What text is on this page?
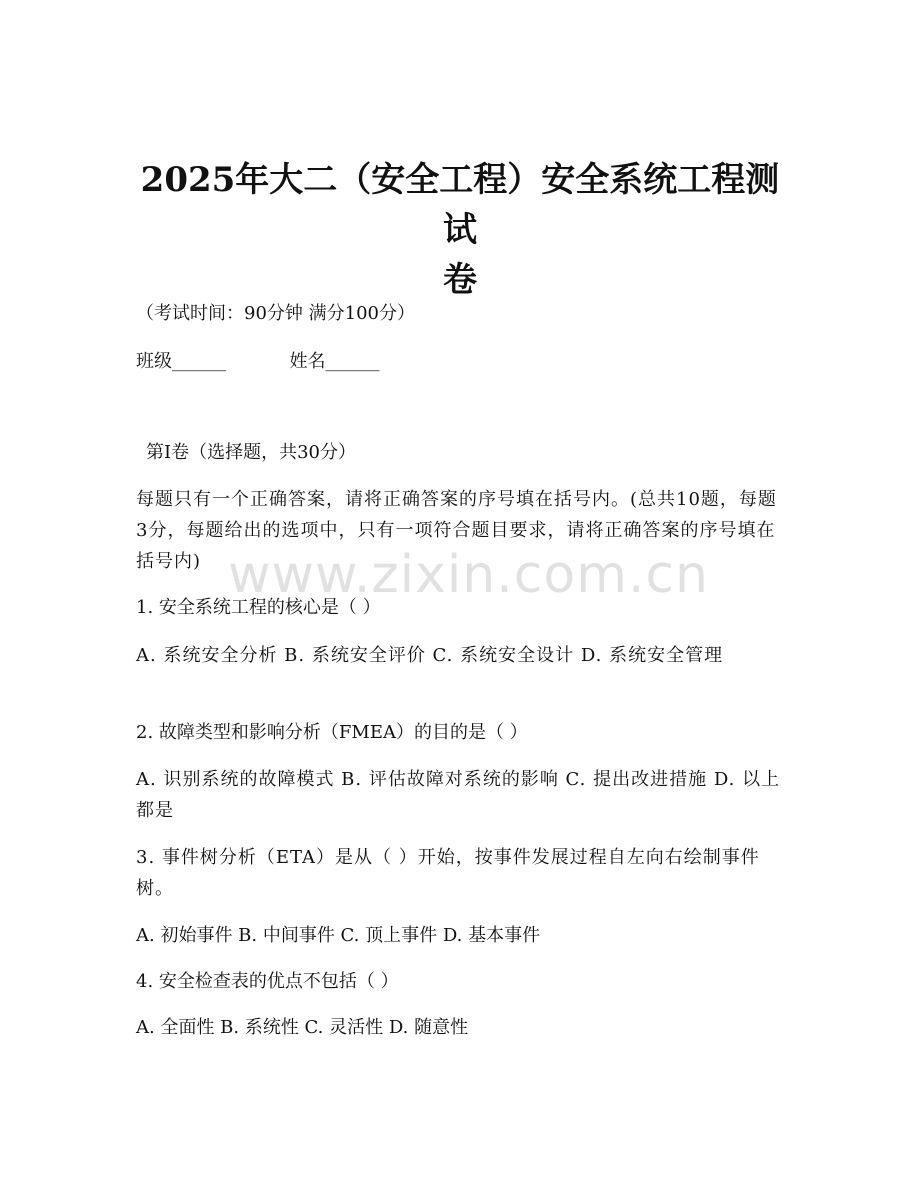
2025年大二（安全工程）安全系统工程测试
卷
（考试时间：90分钟 满分100分）
班级______	姓名______
第I卷（选择题，共30分）
每题只有一个正确答案，请将正确答案的序号填在括号内。(总共10题，每题3分，每题给出的选项中，只有一项符合题目要求，请将正确答案的序号填在括号内)
1. 安全系统工程的核心是（ ）
A. 系统安全分析 B. 系统安全评价 C. 系统安全设计 D. 系统安全管理
2. 故障类型和影响分析（FMEA）的目的是（ ）
A. 识别系统的故障模式 B. 评估故障对系统的影响 C. 提出改进措施 D. 以上都是
3. 事件树分析（ETA）是从（ ）开始，按事件发展过程自左向右绘制事件树。
A. 初始事件 B. 中间事件 C. 顶上事件 D. 基本事件
4. 安全检查表的优点不包括（ ）
A. 全面性 B. 系统性 C. 灵活性 D. 随意性
www.zixin.com.cn
